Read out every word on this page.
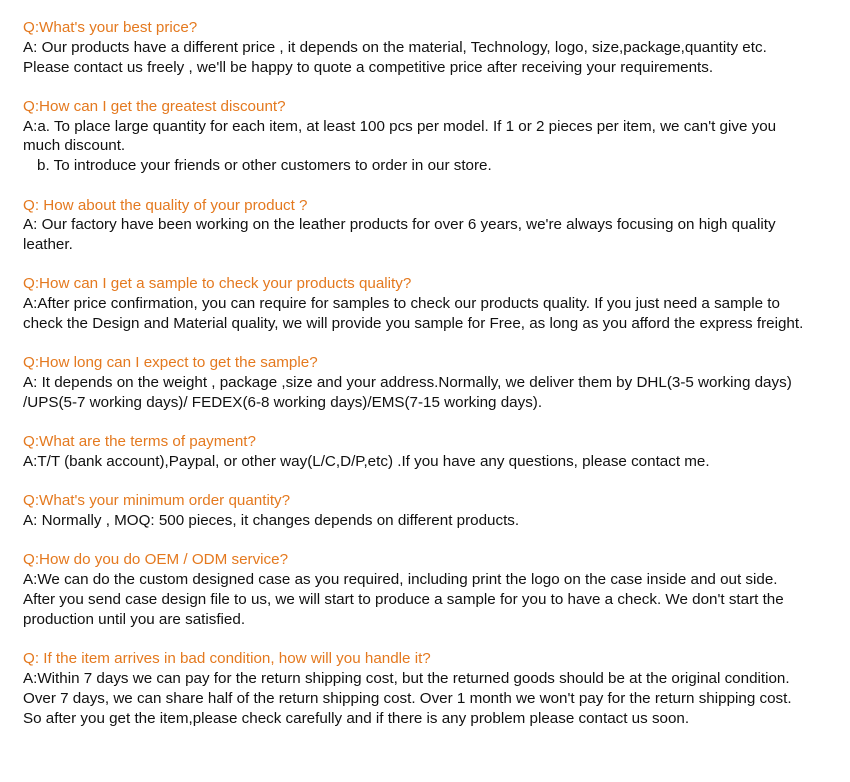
Q:What's your best price?
A: Our products have a different price , it depends on the material, Technology, logo, size,package,quantity etc.
Please contact us freely , we'll be happy to quote a competitive price after receiving your requirements.
Q:How can I get the greatest discount?
A:a. To place large quantity for each item, at least 100 pcs per model. If 1 or 2 pieces per item, we can't give you
much discount.
b. To introduce your friends or other customers to order in our store.
Q: How about the quality of your product ?
A: Our factory have been working on the leather products for over 6 years, we're always focusing on high quality
leather.
Q:How can I get a sample to check your products quality?
A:After price confirmation, you can require for samples to check our products quality. If you just need a sample to
check the Design and Material quality, we will provide you sample for Free, as long as you afford the express freight.
Q:How long can I expect to get the sample?
A: It depends on the weight , package ,size and your address.Normally, we deliver them by DHL(3-5 working days)
/UPS(5-7 working days)/ FEDEX(6-8 working days)/EMS(7-15 working days).
Q:What are the terms of payment?
A:T/T (bank account),Paypal, or other way(L/C,D/P,etc) .If you have any questions, please contact me.
Q:What's your minimum order quantity?
A: Normally , MOQ: 500 pieces, it changes depends on different products.
Q:How do you do OEM / ODM service?
A:We can do the custom designed case as you required, including print the logo on the case inside and out side.
After you send case design file to us, we will start to produce a sample for you to have a check. We don't start the
production until you are satisfied.
Q: If the item arrives in bad condition, how will you handle it?
A:Within 7 days we can pay for the return shipping cost, but the returned goods should be at the original condition.
Over 7 days, we can share half of the return shipping cost. Over 1 month we won't pay for the return shipping cost.
So after you get the item,please check carefully and if there is any problem please contact us soon.
